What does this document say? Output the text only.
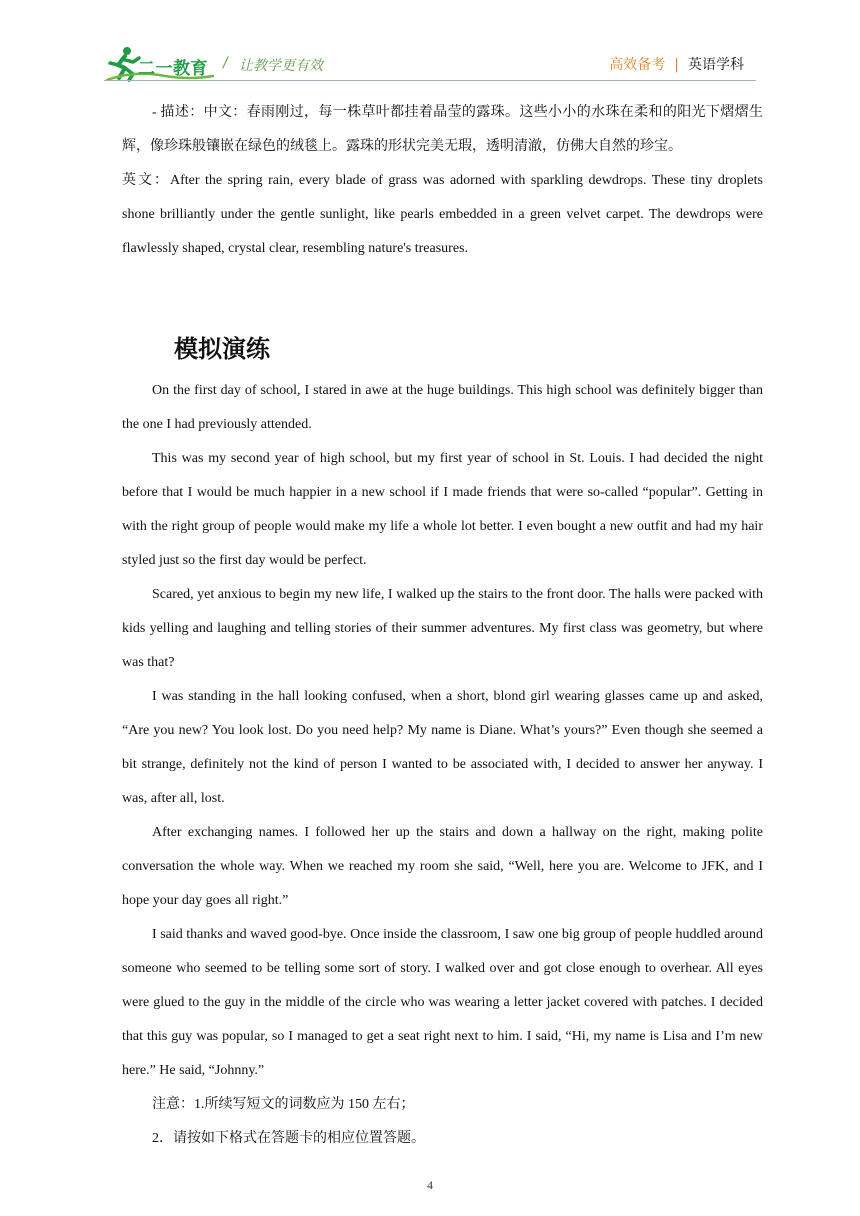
二一教育 / 让教学更有效	高效备考 | 英语学科

- 描述：中文：春雨刚过，每一株草叶都挂着晶莹的露珠。这些小小的水珠在柔和的阳光下熠熠生辉，像珍珠般镶嵌在绿色的绒毯上。露珠的形状完美无瑕，透明清澈，仿佛大自然的珍宝。

英文：After the spring rain, every blade of grass was adorned with sparkling dewdrops. These tiny droplets shone brilliantly under the gentle sunlight, like pearls embedded in a green velvet carpet. The dewdrops were flawlessly shaped, crystal clear, resembling nature's treasures.

模拟演练

On the first day of school, I stared in awe at the huge buildings. This high school was definitely bigger than the one I had previously attended.

This was my second year of high school, but my first year of school in St. Louis. I had decided the night before that I would be much happier in a new school if I made friends that were so-called “popular”. Getting in with the right group of people would make my life a whole lot better. I even bought a new outfit and had my hair styled just so the first day would be perfect.

Scared, yet anxious to begin my new life, I walked up the stairs to the front door. The halls were packed with kids yelling and laughing and telling stories of their summer adventures. My first class was geometry, but where was that?

I was standing in the hall looking confused, when a short, blond girl wearing glasses came up and asked, “Are you new? You look lost. Do you need help? My name is Diane. What’s yours?” Even though she seemed a bit strange, definitely not the kind of person I wanted to be associated with, I decided to answer her anyway. I was, after all, lost.

After exchanging names. I followed her up the stairs and down a hallway on the right, making polite conversation the whole way. When we reached my room she said, “Well, here you are. Welcome to JFK, and I hope your day goes all right.”

I said thanks and waved good-bye. Once inside the classroom, I saw one big group of people huddled around someone who seemed to be telling some sort of story. I walked over and got close enough to overhear. All eyes were glued to the guy in the middle of the circle who was wearing a letter jacket covered with patches. I decided that this guy was popular, so I managed to get a seat right next to him. I said, “Hi, my name is Lisa and I’m new here.” He said, “Johnny.”

注意：1.所续写短文的词数应为 150 左右；

2．请按如下格式在答题卡的相应位置答题。

4
